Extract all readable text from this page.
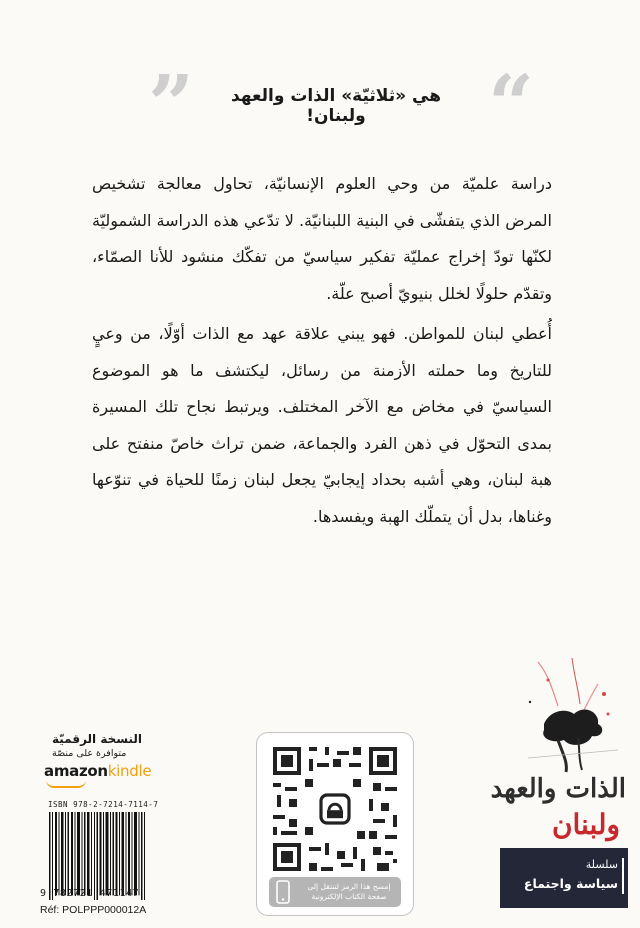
“
”	هي «ثلاثيّة» الذات والعهد ولبنان!

دراسة علميّة من وحي العلوم الإنسانيّة، تحاول معالجة تشخيص المرض الذي يتفشّى في البنية اللبنانيّة. لا تدّعي هذه الدراسة الشموليّة لكنّها تودّ إخراج عمليّة تفكير سياسيّ من تفكّك منشود للأنا الصمّاء، وتقدّم حلولًا لخلل بنيويّ أصبح علّة.

أُعطي لبنان للمواطن. فهو يبني علاقة عهد مع الذات أوّلًا، من وعيٍ للتاريخ وما حملته الأزمنة من رسائل، ليكتشف ما هو الموضوع السياسيّ في مخاض مع الآخر المختلف. ويرتبط نجاح تلك المسيرة بمدى التحوّل في ذهن الفرد والجماعة، ضمن تراث خاصّ منفتح على هبة لبنان، وهي أشبه بحداد إيجابيّ يجعل لبنان زمنًا للحياة في تنوّعها وغناها، بدل أن يتملّك الهبة ويفسدها.

النسخة الرقميّة
متوافرة على منصّة
amazonkindle
ISBN 978-2-7214-7114-7
9 782721 471147
Réf: POLPPP000012A
إمسح هذا الرمز لتنتقل إلى
صفحة الكتاب الإلكترونية
الذات والعهد
ولبنان
سلسلة
سياسة واجتماع
